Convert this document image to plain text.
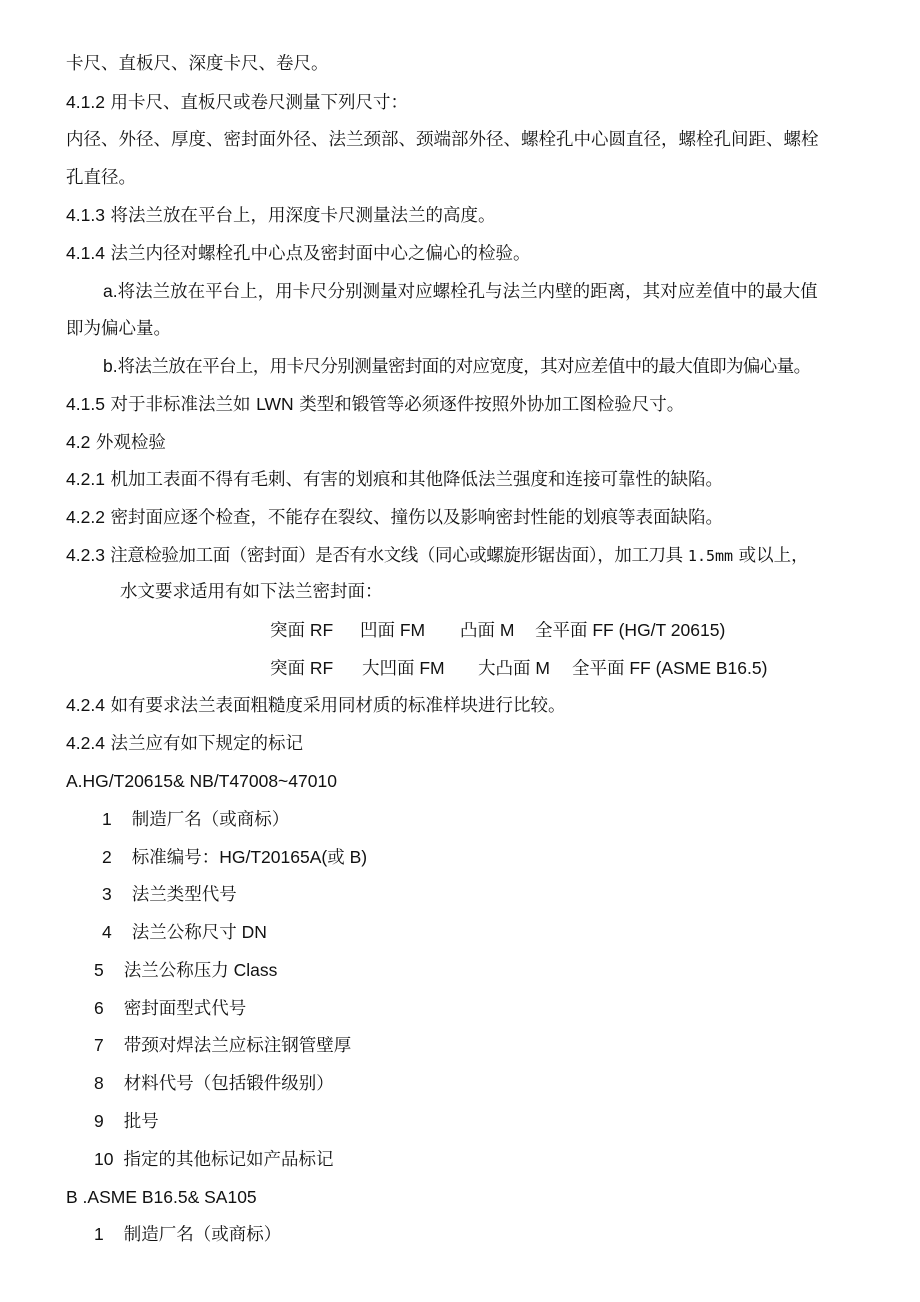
卡尺、直板尺、深度卡尺、卷尺。
4.1.2 用卡尺、直板尺或卷尺测量下列尺寸：
内径、外径、厚度、密封面外径、法兰颈部、颈端部外径、螺栓孔中心圆直径，螺栓孔间距、螺栓
孔直径。
4.1.3 将法兰放在平台上，用深度卡尺测量法兰的高度。
4.1.4 法兰内径对螺栓孔中心点及密封面中心之偏心的检验。
a.将法兰放在平台上，用卡尺分别测量对应螺栓孔与法兰内壁的距离，其对应差值中的最大值
即为偏心量。
b.将法兰放在平台上，用卡尺分别测量密封面的对应宽度，其对应差值中的最大值即为偏心量。
4.1.5 对于非标准法兰如 LWN 类型和锻管等必须逐件按照外协加工图检验尺寸。
4.2 外观检验
4.2.1 机加工表面不得有毛刺、有害的划痕和其他降低法兰强度和连接可靠性的缺陷。
4.2.2 密封面应逐个检查，不能存在裂纹、撞伤以及影响密封性能的划痕等表面缺陷。
4.2.3 注意检验加工面（密封面）是否有水文线（同心或螺旋形锯齿面），加工刀具 1.5mm 或以上，
水文要求适用有如下法兰密封面：
突面 RF 凹面 FM 凸面 M 全平面 FF (HG/T 20615)
突面 RF 大凹面 FM 大凸面 M 全平面 FF (ASME B16.5)
4.2.4 如有要求法兰表面粗糙度采用同材质的标准样块进行比较。
4.2.4 法兰应有如下规定的标记
A.HG/T20615& NB/T47008~47010
1 制造厂名（或商标）
2 标准编号：HG/T20165A(或 B)
3 法兰类型代号
4 法兰公称尺寸 DN
5 法兰公称压力 Class
6 密封面型式代号
7 带颈对焊法兰应标注钢管壁厚
8 材料代号（包括锻件级别）
9 批号
10 指定的其他标记如产品标记
B .ASME B16.5& SA105
1 制造厂名（或商标）
